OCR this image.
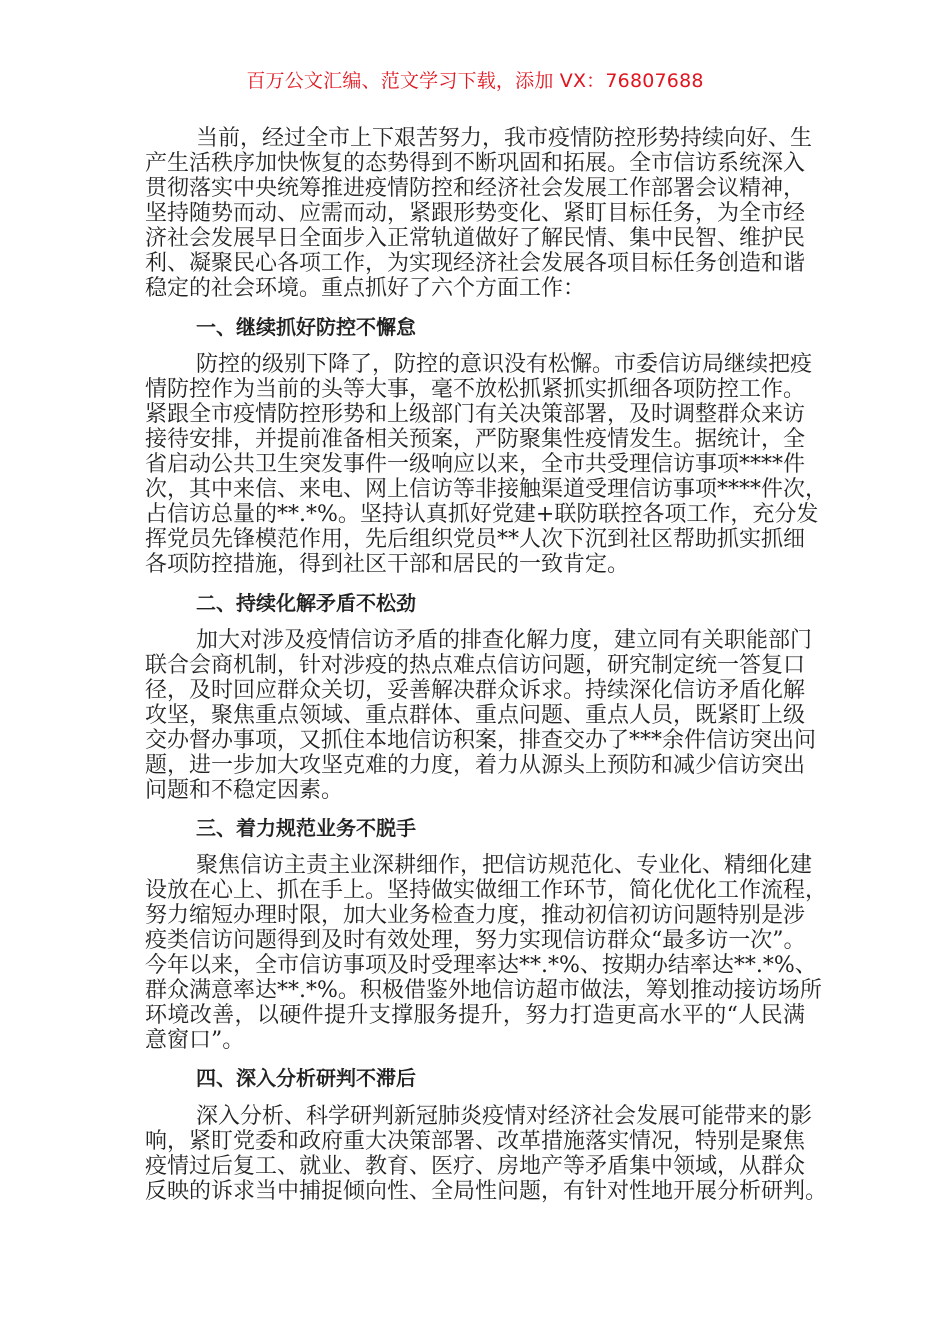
百万公文汇编、范文学习下载，添加 VX：76807688
当前，经过全市上下艰苦努力，我市疫情防控形势持续向好、生
产生活秩序加快恢复的态势得到不断巩固和拓展。全市信访系统深入
贯彻落实中央统筹推进疫情防控和经济社会发展工作部署会议精神，
坚持随势而动、应需而动，紧跟形势变化、紧盯目标任务，为全市经
济社会发展早日全面步入正常轨道做好了解民情、集中民智、维护民
利、凝聚民心各项工作，为实现经济社会发展各项目标任务创造和谐
稳定的社会环境。重点抓好了六个方面工作：
一、继续抓好防控不懈怠
防控的级别下降了，防控的意识没有松懈。市委信访局继续把疫
情防控作为当前的头等大事，毫不放松抓紧抓实抓细各项防控工作。
紧跟全市疫情防控形势和上级部门有关决策部署，及时调整群众来访
接待安排，并提前准备相关预案，严防聚集性疫情发生。据统计，全
省启动公共卫生突发事件一级响应以来，全市共受理信访事项****件
次，其中来信、来电、网上信访等非接触渠道受理信访事项****件次，
占信访总量的**.*%。坚持认真抓好党建+联防联控各项工作，充分发
挥党员先锋模范作用，先后组织党员**人次下沉到社区帮助抓实抓细
各项防控措施，得到社区干部和居民的一致肯定。
二、持续化解矛盾不松劲
加大对涉及疫情信访矛盾的排查化解力度，建立同有关职能部门
联合会商机制，针对涉疫的热点难点信访问题，研究制定统一答复口
径，及时回应群众关切，妥善解决群众诉求。持续深化信访矛盾化解
攻坚，聚焦重点领域、重点群体、重点问题、重点人员，既紧盯上级
交办督办事项，又抓住本地信访积案，排查交办了***余件信访突出问
题，进一步加大攻坚克难的力度，着力从源头上预防和减少信访突出
问题和不稳定因素。
三、着力规范业务不脱手
聚焦信访主责主业深耕细作，把信访规范化、专业化、精细化建
设放在心上、抓在手上。坚持做实做细工作环节，简化优化工作流程，
努力缩短办理时限，加大业务检查力度，推动初信初访问题特别是涉
疫类信访问题得到及时有效处理，努力实现信访群众“最多访一次”。
今年以来，全市信访事项及时受理率达**.*%、按期办结率达**.*%、
群众满意率达**.*%。积极借鉴外地信访超市做法，筹划推动接访场所
环境改善，以硬件提升支撑服务提升，努力打造更高水平的“人民满
意窗口”。
四、深入分析研判不滞后
深入分析、科学研判新冠肺炎疫情对经济社会发展可能带来的影
响，紧盯党委和政府重大决策部署、改革措施落实情况，特别是聚焦
疫情过后复工、就业、教育、医疗、房地产等矛盾集中领域，从群众
反映的诉求当中捕捉倾向性、全局性问题，有针对性地开展分析研判。
